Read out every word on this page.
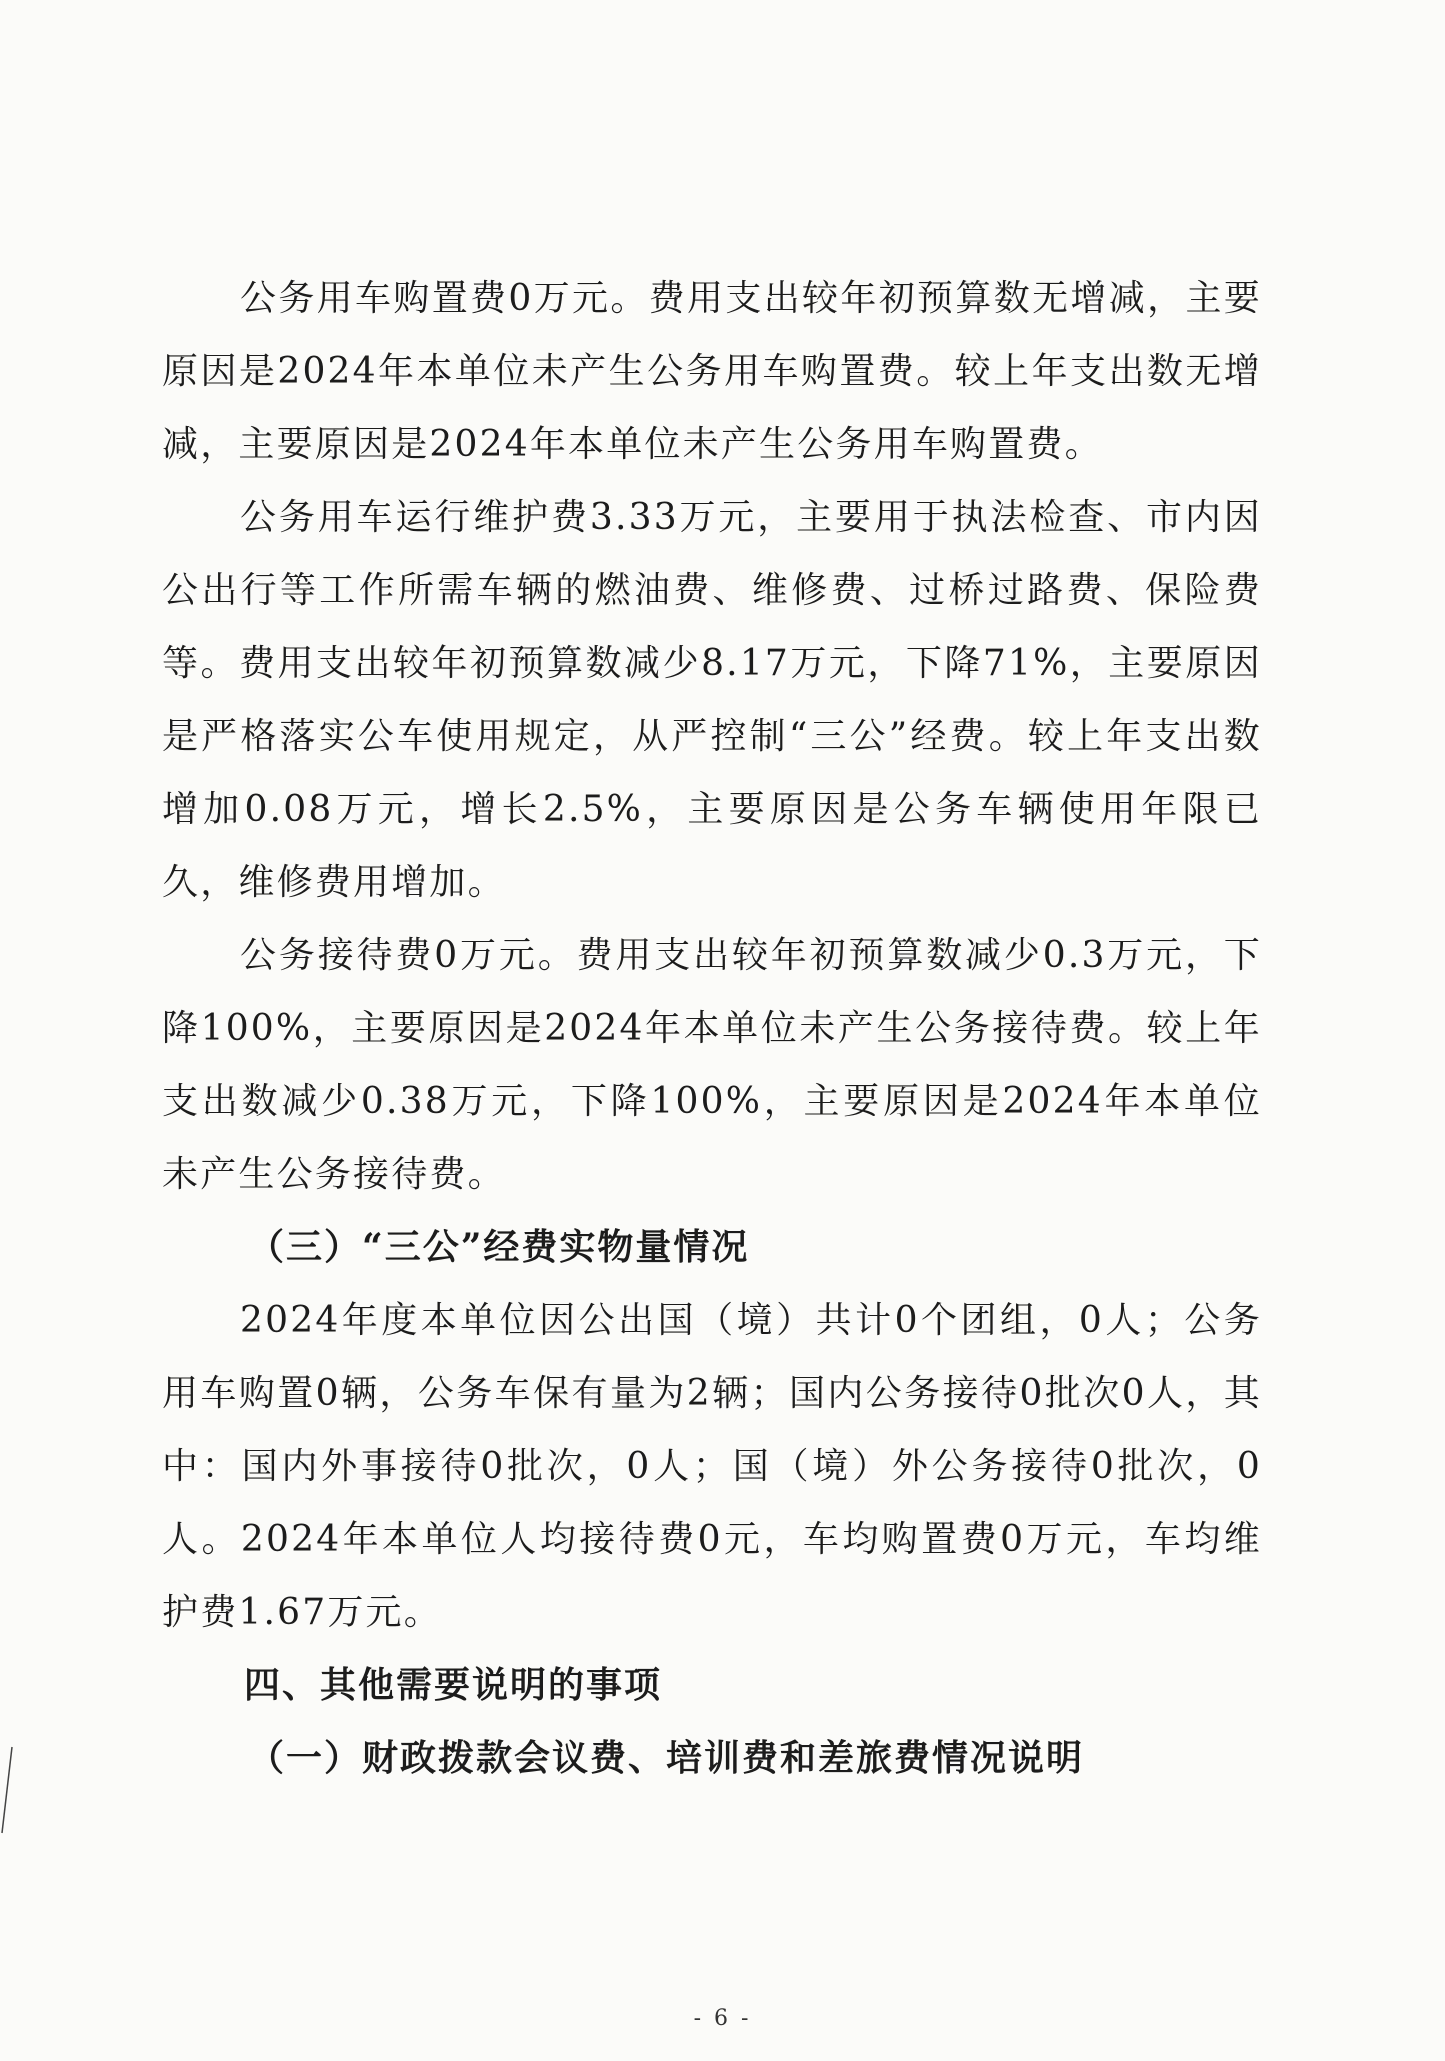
公务用车购置费0万元。费用支出较年初预算数无增减，主要原因是2024年本单位未产生公务用车购置费。较上年支出数无增减，主要原因是2024年本单位未产生公务用车购置费。

公务用车运行维护费3.33万元，主要用于执法检查、市内因公出行等工作所需车辆的燃油费、维修费、过桥过路费、保险费等。费用支出较年初预算数减少8.17万元，下降71%，主要原因是严格落实公车使用规定，从严控制“三公”经费。较上年支出数增加0.08万元，增长2.5%，主要原因是公务车辆使用年限已久，维修费用增加。

公务接待费0万元。费用支出较年初预算数减少0.3万元，下降100%，主要原因是2024年本单位未产生公务接待费。较上年支出数减少0.38万元，下降100%，主要原因是2024年本单位未产生公务接待费。

（三）“三公”经费实物量情况

2024年度本单位因公出国（境）共计0个团组，0人；公务用车购置0辆，公务车保有量为2辆；国内公务接待0批次0人，其中：国内外事接待0批次，0人；国（境）外公务接待0批次，0人。2024年本单位人均接待费0元，车均购置费0万元，车均维护费1.67万元。

四、其他需要说明的事项

（一）财政拨款会议费、培训费和差旅费情况说明

- 6 -
